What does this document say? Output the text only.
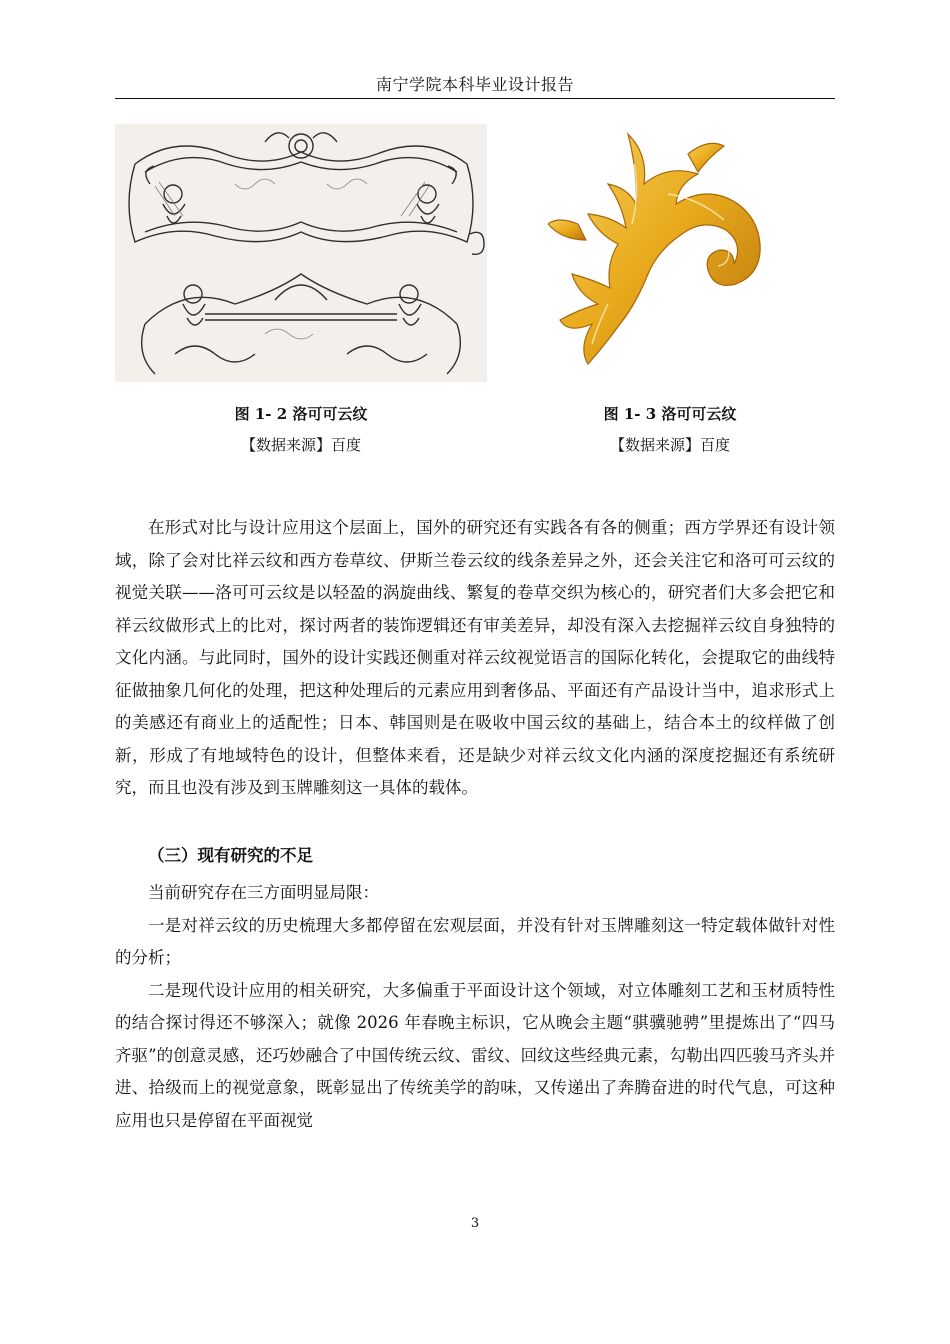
南宁学院本科毕业设计报告
图 1- 2 洛可可云纹
【数据来源】百度
图 1- 3 洛可可云纹
【数据来源】百度
在形式对比与设计应用这个层面上，国外的研究还有实践各有各的侧重；西方学界还有设计领域，除了会对比祥云纹和西方卷草纹、伊斯兰卷云纹的线条差异之外，还会关注它和洛可可云纹的视觉关联——洛可可云纹是以轻盈的涡旋曲线、繁复的卷草交织为核心的，研究者们大多会把它和祥云纹做形式上的比对，探讨两者的装饰逻辑还有审美差异，却没有深入去挖掘祥云纹自身独特的文化内涵。与此同时，国外的设计实践还侧重对祥云纹视觉语言的国际化转化，会提取它的曲线特征做抽象几何化的处理，把这种处理后的元素应用到奢侈品、平面还有产品设计当中，追求形式上的美感还有商业上的适配性；日本、韩国则是在吸收中国云纹的基础上，结合本土的纹样做了创新，形成了有地域特色的设计，但整体来看，还是缺少对祥云纹文化内涵的深度挖掘还有系统研究，而且也没有涉及到玉牌雕刻这一具体的载体。
（三）现有研究的不足

当前研究存在三方面明显局限：

一是对祥云纹的历史梳理大多都停留在宏观层面，并没有针对玉牌雕刻这一特定载体做针对性的分析；

二是现代设计应用的相关研究，大多偏重于平面设计这个领域，对立体雕刻工艺和玉材质特性的结合探讨得还不够深入；就像 2026 年春晚主标识，它从晚会主题“骐骥驰骋”里提炼出了“四马齐驱”的创意灵感，还巧妙融合了中国传统云纹、雷纹、回纹这些经典元素，勾勒出四匹骏马齐头并进、拾级而上的视觉意象，既彰显出了传统美学的韵味，又传递出了奔腾奋进的时代气息，可这种应用也只是停留在平面视觉

3
